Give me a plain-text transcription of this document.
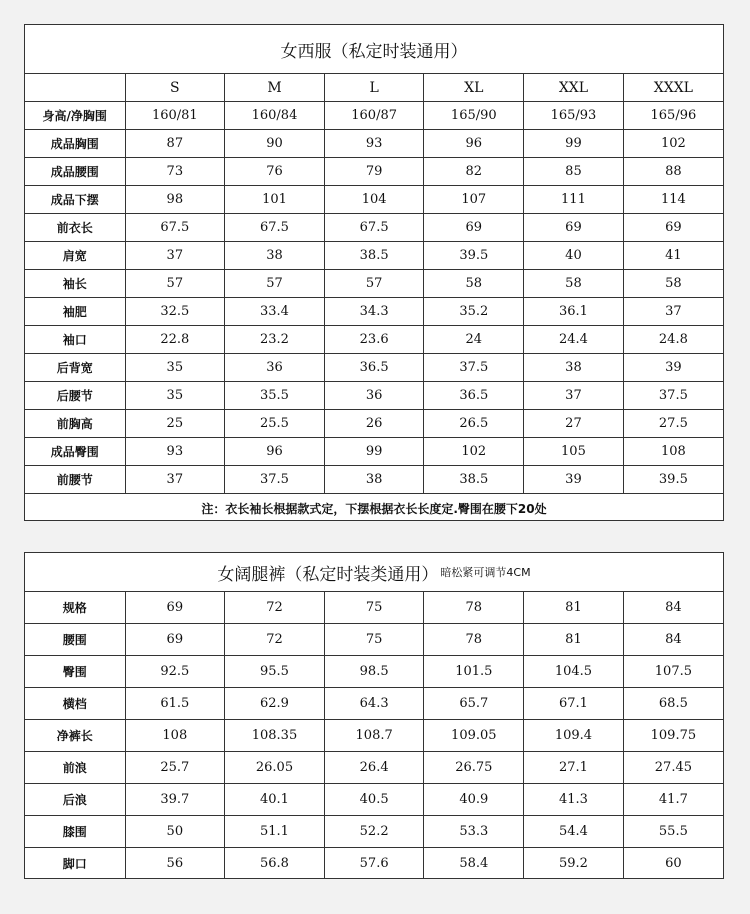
女西服（私定时装通用）
	S	M	L	XL	XXL	XXXL
身高/净胸围	160/81	160/84	160/87	165/90	165/93	165/96
成品胸围	87	90	93	96	99	102
成品腰围	73	76	79	82	85	88
成品下摆	98	101	104	107	111	114
前衣长	67.5	67.5	67.5	69	69	69
肩宽	37	38	38.5	39.5	40	41
袖长	57	57	57	58	58	58
袖肥	32.5	33.4	34.3	35.2	36.1	37
袖口	22.8	23.2	23.6	24	24.4	24.8
后背宽	35	36	36.5	37.5	38	39
后腰节	35	35.5	36	36.5	37	37.5
前胸高	25	25.5	26	26.5	27	27.5
成品臀围	93	96	99	102	105	108
前腰节	37	37.5	38	38.5	39	39.5
注：衣长袖长根据款式定，下摆根据衣长长度定.臀围在腰下20处
女阔腿裤（私定时装类通用） 暗松紧可调节4CM
规格	69	72	75	78	81	84
腰围	69	72	75	78	81	84
臀围	92.5	95.5	98.5	101.5	104.5	107.5
横档	61.5	62.9	64.3	65.7	67.1	68.5
净裤长	108	108.35	108.7	109.05	109.4	109.75
前浪	25.7	26.05	26.4	26.75	27.1	27.45
后浪	39.7	40.1	40.5	40.9	41.3	41.7
膝围	50	51.1	52.2	53.3	54.4	55.5
脚口	56	56.8	57.6	58.4	59.2	60
